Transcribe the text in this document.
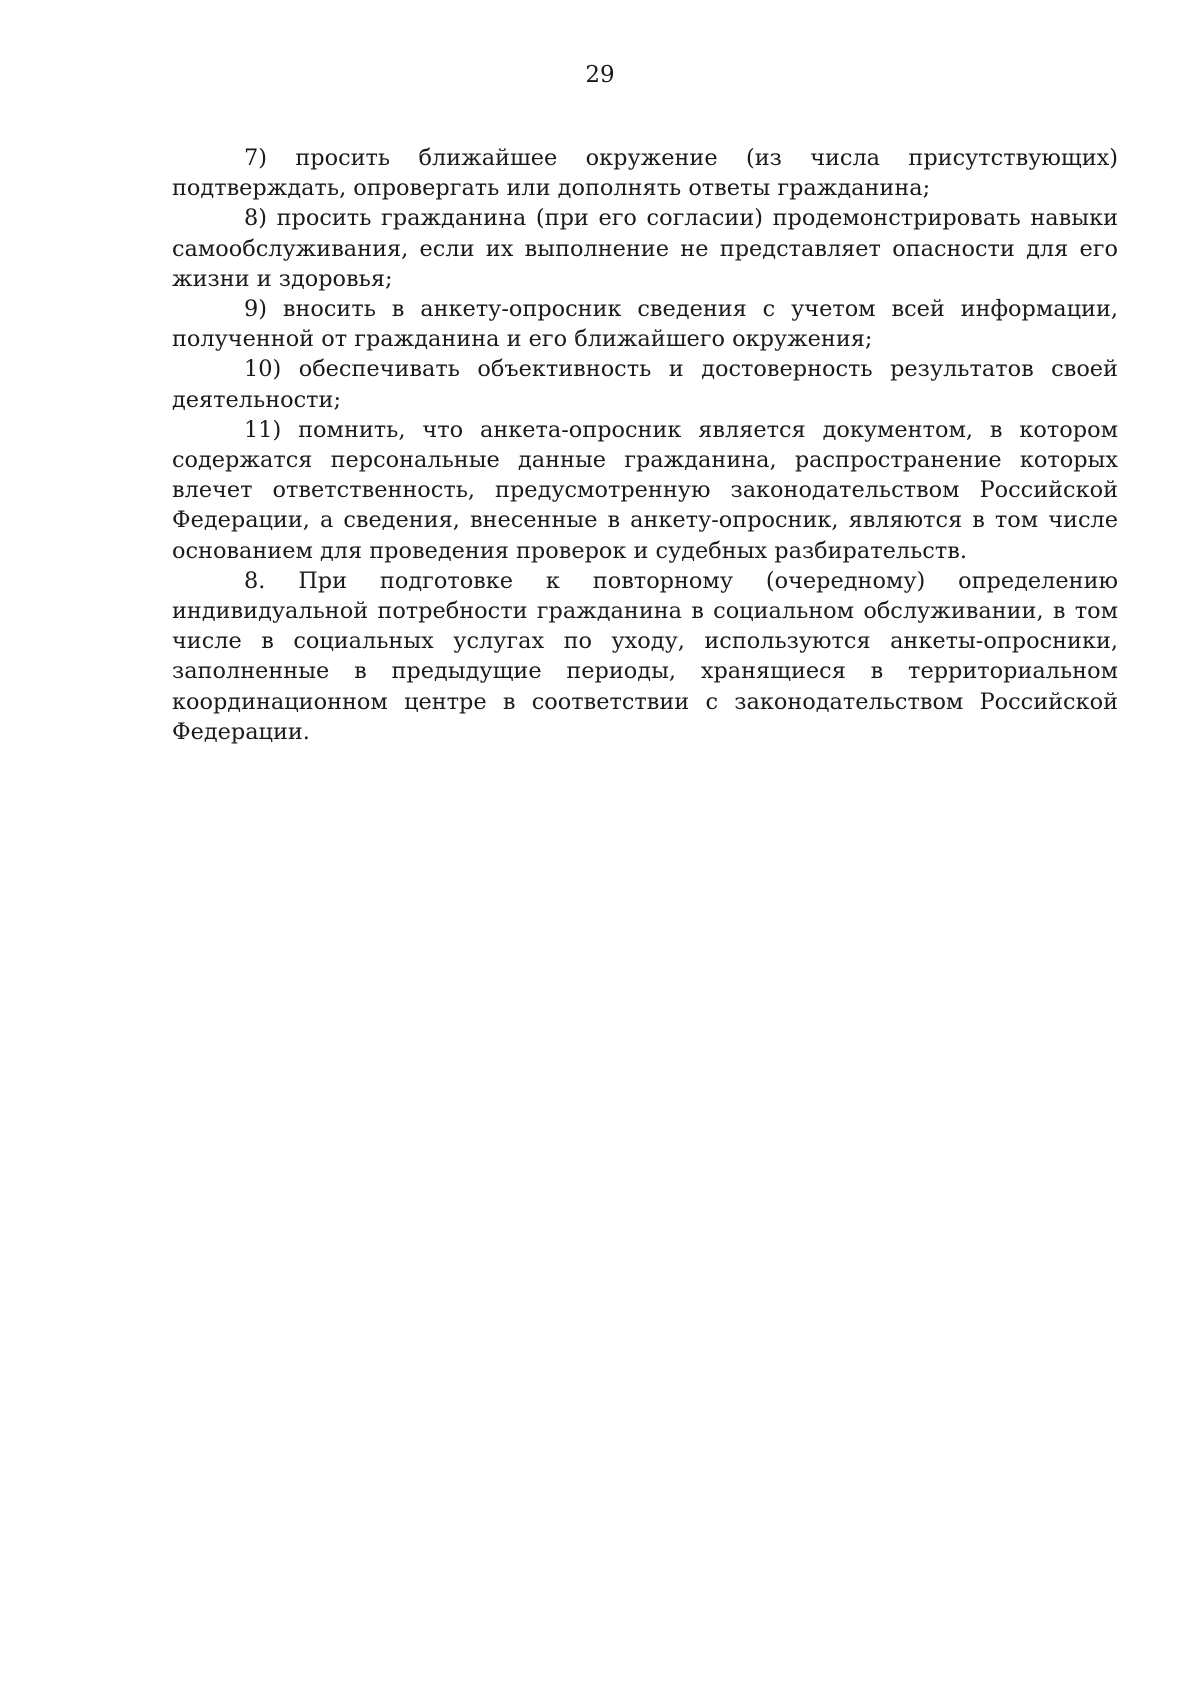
29

7) просить ближайшее окружение (из числа присутствующих) подтверждать, опровергать или дополнять ответы гражданина;

8) просить гражданина (при его согласии) продемонстрировать навыки самообслуживания, если их выполнение не представляет опасности для его жизни и здоровья;

9) вносить в анкету-опросник сведения с учетом всей информации, полученной от гражданина и его ближайшего окружения;

10) обеспечивать объективность и достоверность результатов своей деятельности;

11) помнить, что анкета-опросник является документом, в котором содержатся персональные данные гражданина, распространение которых влечет ответственность, предусмотренную законодательством Российской Федерации, а сведения, внесенные в анкету-опросник, являются в том числе основанием для проведения проверок и судебных разбирательств.

8. При подготовке к повторному (очередному) определению индивидуальной потребности гражданина в социальном обслуживании, в том числе в социальных услугах по уходу, используются анкеты-опросники, заполненные в предыдущие периоды, хранящиеся в территориальном координационном центре в соответствии с законодательством Российской Федерации.
